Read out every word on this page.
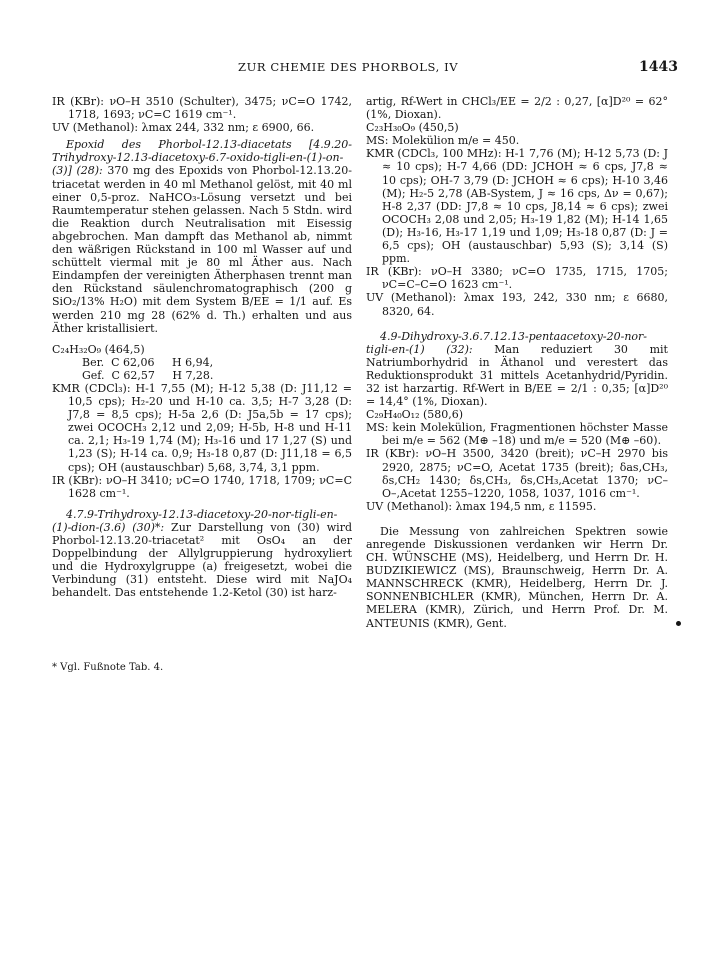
ZUR CHEMIE DES PHORBOLS, IV	1443

IR (KBr): νO–H 3510 (Schulter), 3475; νC=O 1742, 1718, 1693; νC=C 1619 cm⁻¹.

UV (Methanol): λmax 244, 332 nm; ε 6900, 66.

Epoxid des Phorbol-12.13-diacetats [4.9.20-Trihydroxy-12.13-diacetoxy-6.7-oxido-tigli-en-(1)-on-(3)] (28): 370 mg des Epoxids von Phorbol-12.13.20-triacetat werden in 40 ml Methanol gelöst, mit 40 ml einer 0,5-proz. NaHCO₃-Lösung versetzt und bei Raumtemperatur stehen gelassen. Nach 5 Stdn. wird die Reaktion durch Neutralisation mit Eisessig abgebrochen. Man dampft das Methanol ab, nimmt den wäßrigen Rückstand in 100 ml Wasser auf und schüttelt viermal mit je 80 ml Äther aus. Nach Eindampfen der vereinigten Ätherphasen trennt man den Rückstand säulenchromatographisch (200 g SiO₂/13% H₂O) mit dem System B/EE = 1/1 auf. Es werden 210 mg 28 (62% d. Th.) erhalten und aus Äther kristallisiert.

C₂₄H₃₂O₉ (464,5)

Ber.  C 62,06     H 6,94,

Gef.  C 62,57     H 7,28.

KMR (CDCl₃): H-1 7,55 (M); H-12 5,38 (D: J11,12 = 10,5 cps); H₂-20 und H-10 ca. 3,5; H-7 3,28 (D: J7,8 = 8,5 cps); H-5a 2,6 (D: J5a,5b = 17 cps); zwei OCOCH₃ 2,12 und 2,09; H-5b, H-8 und H-11 ca. 2,1; H₃-19 1,74 (M); H₃-16 und 17 1,27 (S) und 1,23 (S); H-14 ca. 0,9; H₃-18 0,87 (D: J11,18 = 6,5 cps); OH (austauschbar) 5,68, 3,74, 3,1 ppm.

IR (KBr): νO–H 3410; νC=O 1740, 1718, 1709; νC=C 1628 cm⁻¹.

4.7.9-Trihydroxy-12.13-diacetoxy-20-nor-tigli-en-(1)-dion-(3.6) (30)*: Zur Darstellung von (30) wird Phorbol-12.13.20-triacetat² mit OsO₄ an der Doppelbindung der Allylgruppierung hydroxyliert und die Hydroxylgruppe (a) freigesetzt, wobei die Verbindung (31) entsteht. Diese wird mit NaJO₄ behandelt. Das entstehende 1.2-Ketol (30) ist harz-

* Vgl. Fußnote Tab. 4.

artig, Rf-Wert in CHCl₃/EE = 2/2 : 0,27, [α]D²⁰ = 62° (1%, Dioxan).

C₂₃H₃₀O₉ (450,5)

MS: Molekülion m/e = 450.

KMR (CDCl₃, 100 MHz): H-1 7,76 (M); H-12 5,73 (D: J ≈ 10 cps); H-7 4,66 (DD: JCHOH ≈ 6 cps, J7,8 ≈ 10 cps); OH-7 3,79 (D: JCHOH ≈ 6 cps); H-10 3,46 (M); H₂-5 2,78 (AB-System, J ≈ 16 cps, Δν = 0,67); H-8 2,37 (DD: J7,8 ≈ 10 cps, J8,14 ≈ 6 cps); zwei OCOCH₃ 2,08 und 2,05; H₃-19 1,82 (M); H-14 1,65 (D); H₃-16, H₃-17 1,19 und 1,09; H₃-18 0,87 (D: J = 6,5 cps); OH (austauschbar) 5,93 (S); 3,14 (S) ppm.

IR (KBr): νO–H 3380; νC=O 1735, 1715, 1705; νC=C–C=O 1623 cm⁻¹.

UV (Methanol): λmax 193, 242, 330 nm; ε 6680, 8320, 64.

4.9-Dihydroxy-3.6.7.12.13-pentaacetoxy-20-nor-tigli-en-(1) (32): Man reduziert 30 mit Natriumborhydrid in Äthanol und verestert das Reduktionsprodukt 31 mittels Acetanhydrid/Pyridin. 32 ist harzartig. Rf-Wert in B/EE = 2/1 : 0,35; [α]D²⁰ = 14,4° (1%, Dioxan).

C₂₉H₄₀O₁₂ (580,6)

MS: kein Molekülion, Fragmentionen höchster Masse bei m/e = 562 (M⊕ –18) und m/e = 520 (M⊕ –60).

IR (KBr): νO–H 3500, 3420 (breit); νC–H 2970 bis 2920, 2875; νC=O, Acetat 1735 (breit); δas,CH₃, δs,CH₂ 1430; δs,CH₃, δs,CH₃,Acetat 1370; νC–O–,Acetat 1255–1220, 1058, 1037, 1016 cm⁻¹.

UV (Methanol): λmax 194,5 nm, ε 11595.

Die Messung von zahlreichen Spektren sowie anregende Diskussionen verdanken wir Herrn Dr. CH. WÜNSCHE (MS), Heidelberg, und Herrn Dr. H. BUDZIKIEWICZ (MS), Braunschweig, Herrn Dr. A. MANNSCHRECK (KMR), Heidelberg, Herrn Dr. J. SONNENBICHLER (KMR), München, Herrn Dr. A. MELERA (KMR), Zürich, und Herrn Prof. Dr. M. ANTEUNIS (KMR), Gent.
